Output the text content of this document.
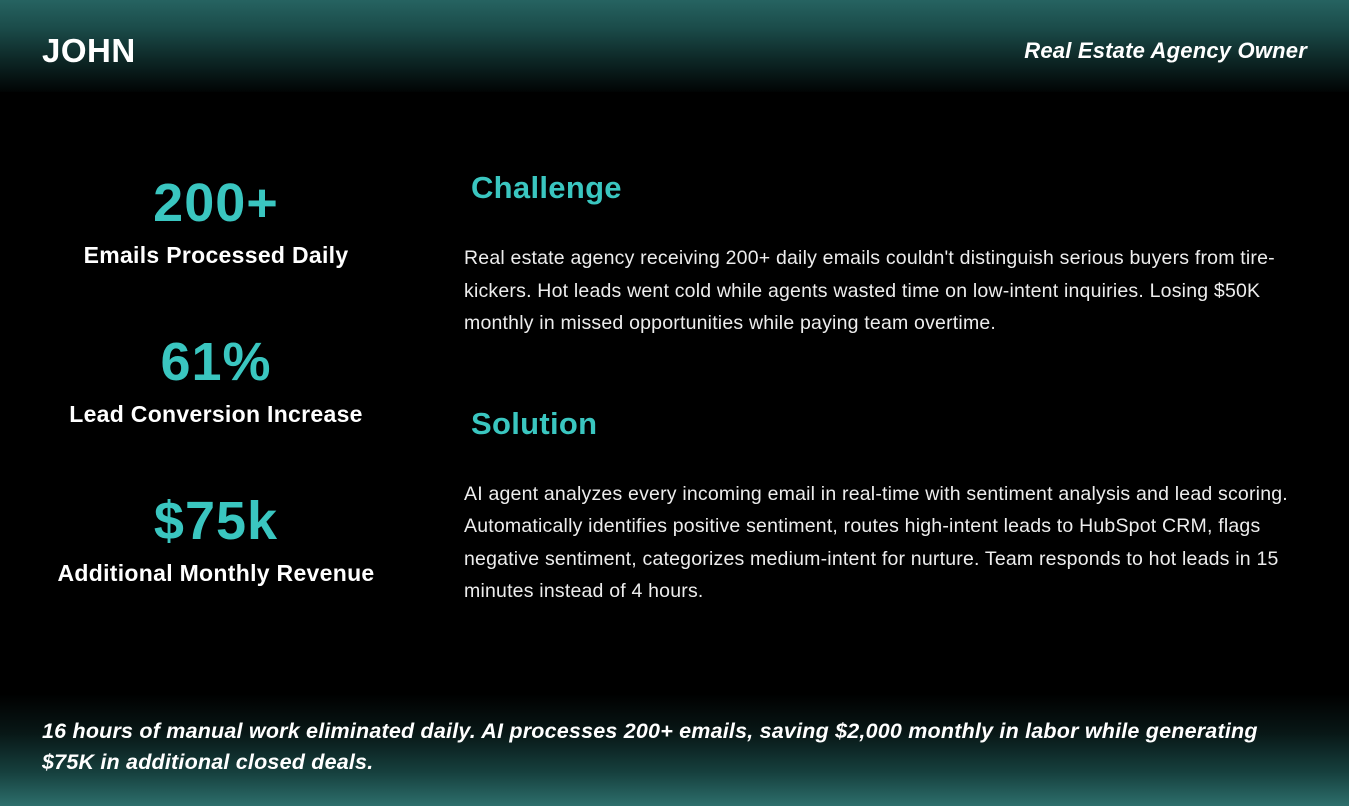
JOHN	Real Estate Agency Owner
200+
Emails Processed Daily
61%
Lead Conversion Increase
$75k
Additional Monthly Revenue
Challenge
Real estate agency receiving 200+ daily emails couldn't distinguish serious buyers from tire-kickers. Hot leads went cold while agents wasted time on low-intent inquiries. Losing $50K monthly in missed opportunities while paying team overtime.
Solution
AI agent analyzes every incoming email in real-time with sentiment analysis and lead scoring. Automatically identifies positive sentiment, routes high-intent leads to HubSpot CRM, flags negative sentiment, categorizes medium-intent for nurture. Team responds to hot leads in 15 minutes instead of 4 hours.
16 hours of manual work eliminated daily. AI processes 200+ emails, saving $2,000 monthly in labor while generating $75K in additional closed deals.
